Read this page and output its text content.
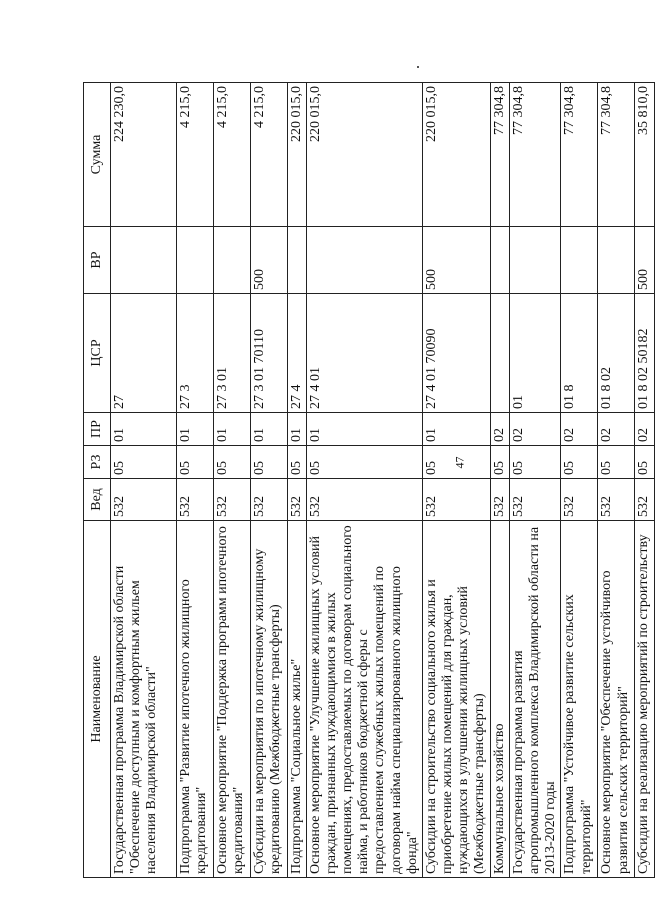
47
Наименование	Вед	РЗ	ПР	ЦСР	ВР	Сумма
Государственная программа Владимирской области "Обеспечение доступным и комфортным жильем населения Владимирской области"	532	05	01	27		224 230,0
Подпрограмма "Развитие ипотечного жилищного кредитования"	532	05	01	27 3		4 215,0
Основное мероприятие "Поддержка программ ипотечного кредитования"	532	05	01	27 3 01		4 215,0
Субсидии на мероприятия по ипотечному жилищному кредитованию (Межбюджетные трансферты)	532	05	01	27 3 01 70110	500	4 215,0
Подпрограмма "Социальное жилье"	532	05	01	27 4		220 015,0
Основное мероприятие "Улучшение жилищных условий граждан, признанных нуждающимися в жилых помещениях, предоставляемых по договорам социального найма, и работников бюджетной сферы с предоставлением служебных жилых помещений по договорам найма специализированного жилищного фонда"	532	05	01	27 4 01		220 015,0
Субсидии на строительство социального жилья и приобретение жилых помещений для граждан, нуждающихся в улучшении жилищных условий (Межбюджетные трансферты)	532	05	01	27 4 01 70090	500	220 015,0
Коммунальное хозяйство	532	05	02			77 304,8
Государственная программа развития агропромышленного комплекса Владимирской области на 2013-2020 годы	532	05	02	01		77 304,8
Подпрограмма "Устойчивое развитие сельских территорий"	532	05	02	01 8		77 304,8
Основное мероприятие "Обеспечение устойчивого развития сельских территорий"	532	05	02	01 8 02		77 304,8
Субсидии на реализацию мероприятий по строительству	532	05	02	01 8 02 50182	500	35 810,0
